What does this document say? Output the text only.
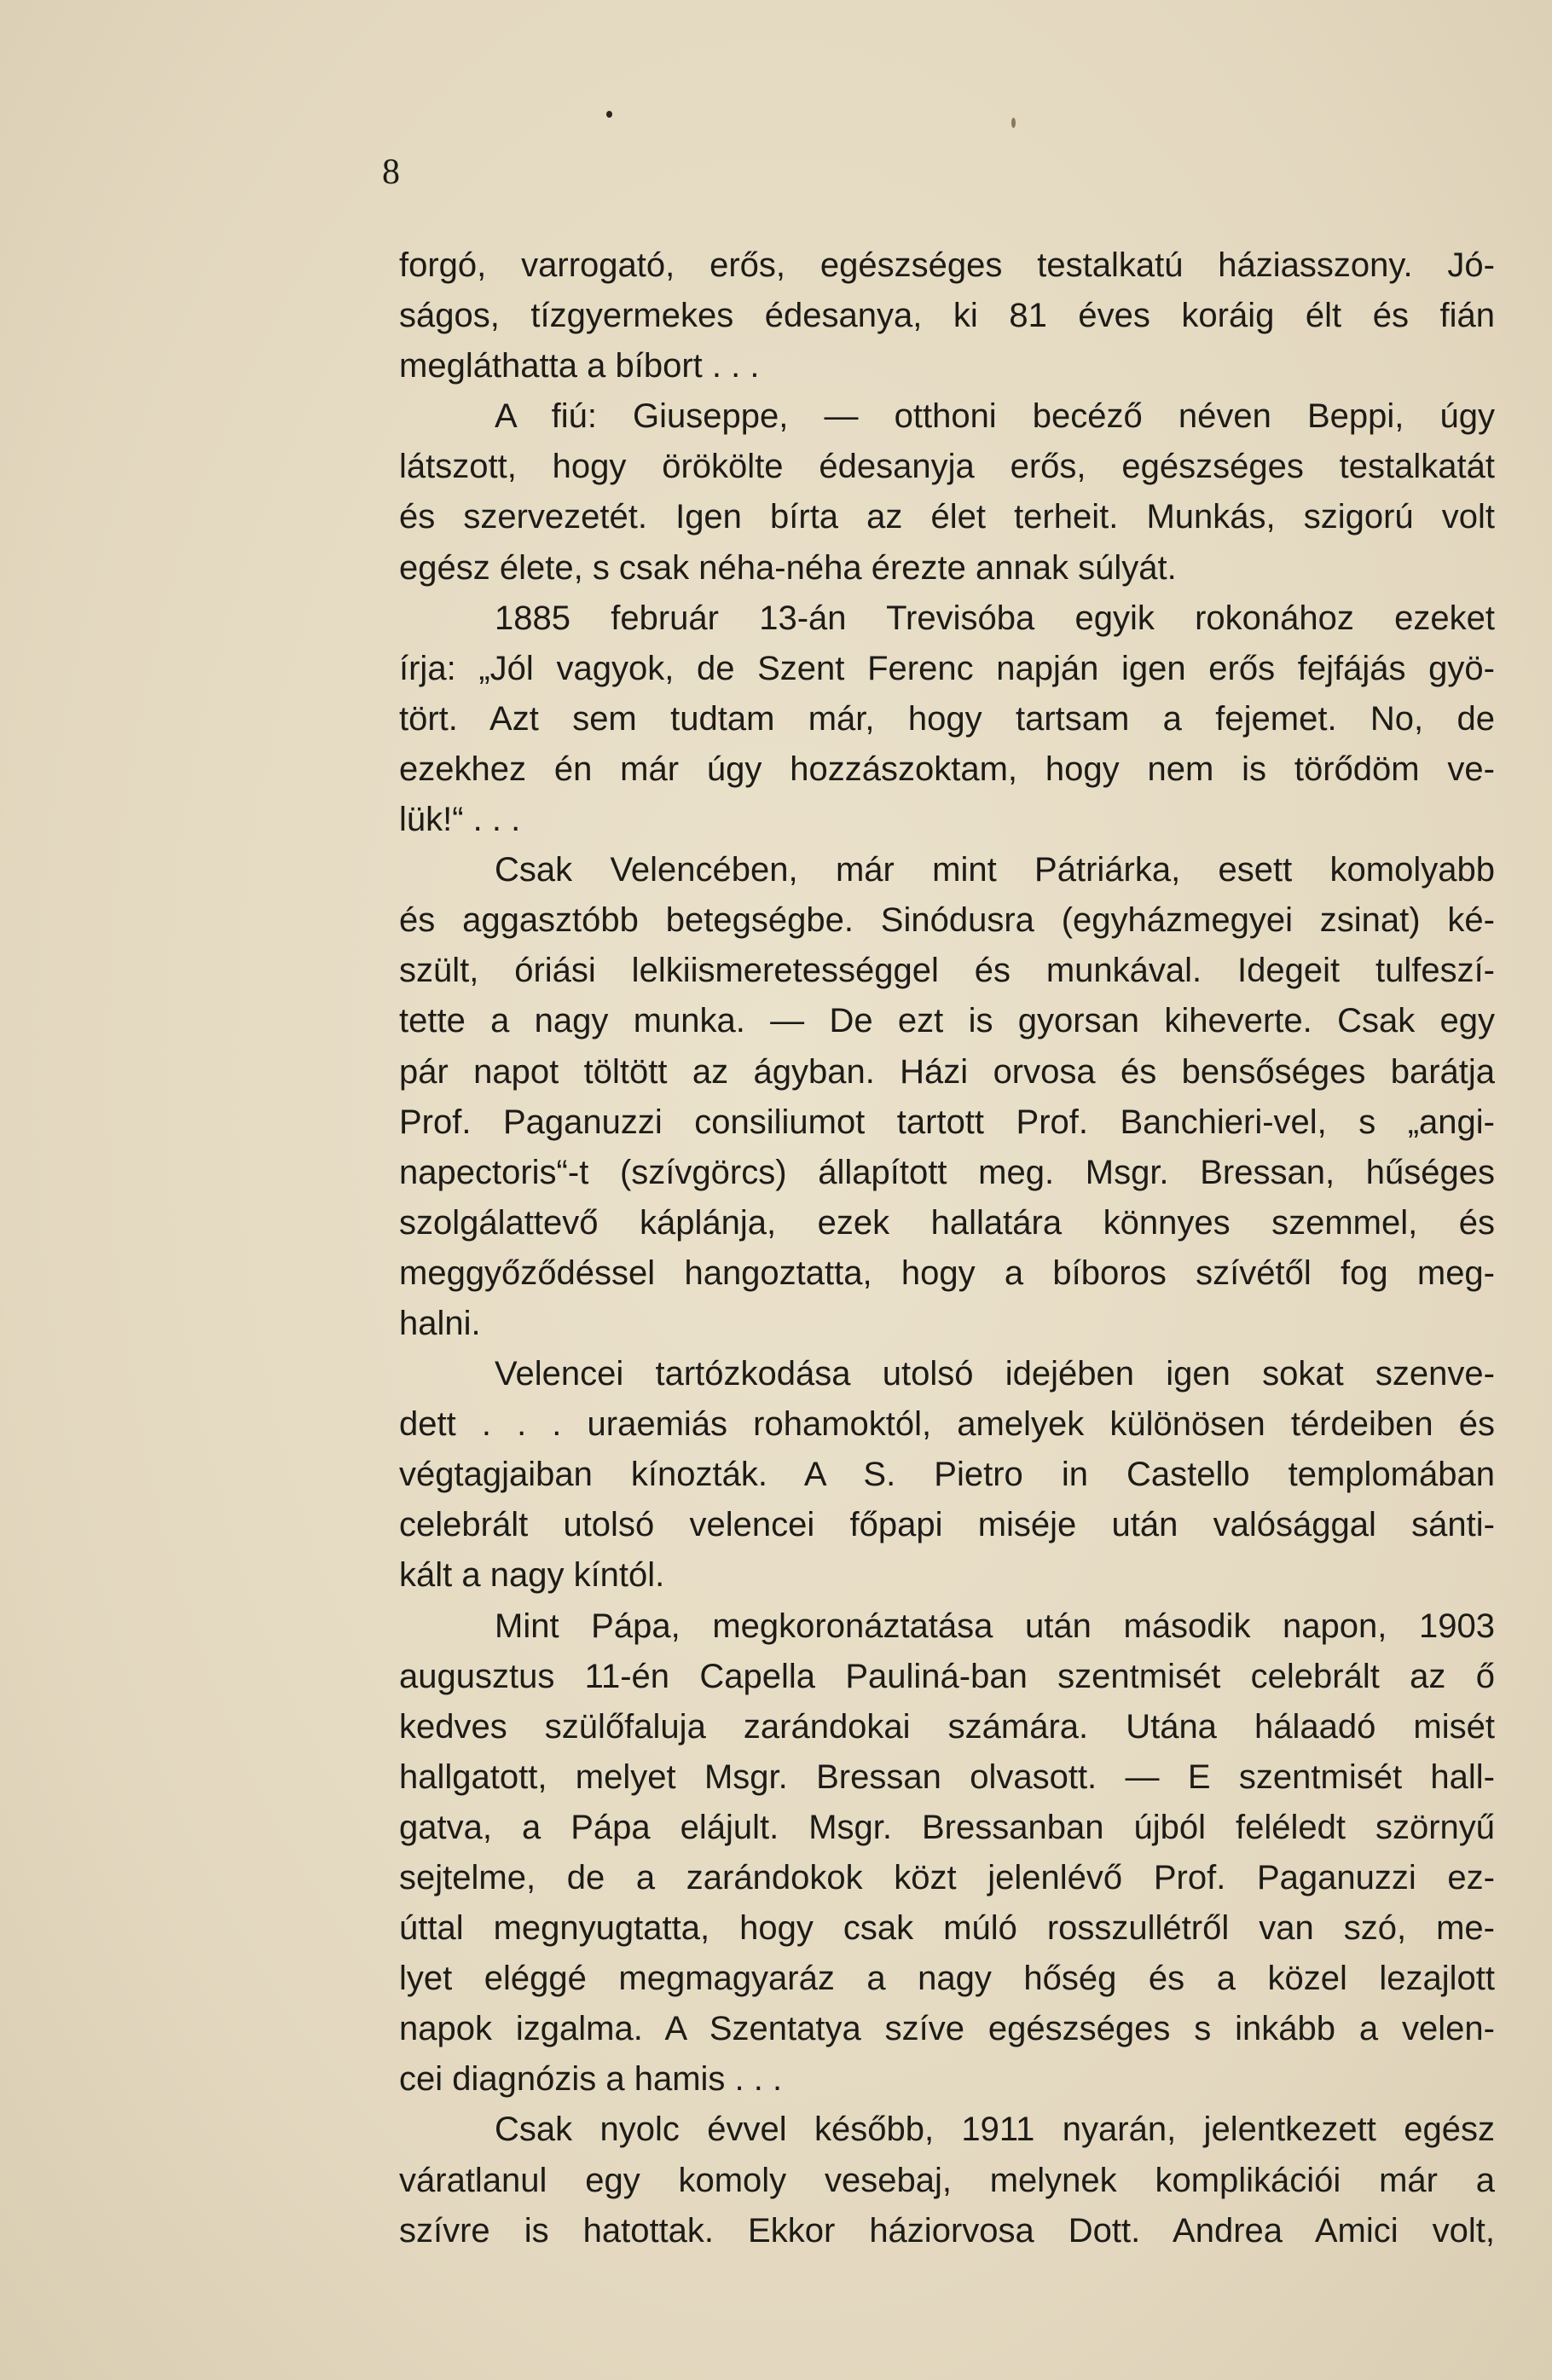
8

forgó, varrogató, erős, egészséges testalkatú háziasszony. Jó-
ságos, tízgyermekes édesanya, ki 81 éves koráig élt és fián
megláthatta a bíbort . . .
A fiú: Giuseppe, — otthoni becéző néven Beppi, úgy
látszott, hogy örökölte édesanyja erős, egészséges testalkatát
és szervezetét. Igen bírta az élet terheit. Munkás, szigorú volt
egész élete, s csak néha-néha érezte annak súlyát.
1885 február 13-án Trevisóba egyik rokonához ezeket
írja: „Jól vagyok, de Szent Ferenc napján igen erős fejfájás gyö-
tört. Azt sem tudtam már, hogy tartsam a fejemet. No, de
ezekhez én már úgy hozzászoktam, hogy nem is törődöm ve-
lük!“ . . .
Csak Velencében, már mint Pátriárka, esett komolyabb
és aggasztóbb betegségbe. Sinódusra (egyházmegyei zsinat) ké-
szült, óriási lelkiismeretességgel és munkával. Idegeit tulfeszí-
tette a nagy munka. — De ezt is gyorsan kiheverte. Csak egy
pár napot töltött az ágyban. Házi orvosa és bensőséges barátja
Prof. Paganuzzi consiliumot tartott Prof. Banchieri-vel, s „angi-
napectoris“-t (szívgörcs) állapított meg. Msgr. Bressan, hűséges
szolgálattevő káplánja, ezek hallatára könnyes szemmel, és
meggyőződéssel hangoztatta, hogy a bíboros szívétől fog meg-
halni.
Velencei tartózkodása utolsó idejében igen sokat szenve-
dett . . . uraemiás rohamoktól, amelyek különösen térdeiben és
végtagjaiban kínozták. A S. Pietro in Castello templomában
celebrált utolsó velencei főpapi miséje után valósággal sánti-
kált a nagy kíntól.
Mint Pápa, megkoronáztatása után második napon, 1903
augusztus 11-én Capella Pauliná-ban szentmisét celebrált az ő
kedves szülőfaluja zarándokai számára. Utána hálaadó misét
hallgatott, melyet Msgr. Bressan olvasott. — E szentmisét hall-
gatva, a Pápa elájult. Msgr. Bressanban újból feléledt szörnyű
sejtelme, de a zarándokok közt jelenlévő Prof. Paganuzzi ez-
úttal megnyugtatta, hogy csak múló rosszullétről van szó, me-
lyet eléggé megmagyaráz a nagy hőség és a közel lezajlott
napok izgalma. A Szentatya szíve egészséges s inkább a velen-
cei diagnózis a hamis . . .
Csak nyolc évvel később, 1911 nyarán, jelentkezett egész
váratlanul egy komoly vesebaj, melynek komplikációi már a
szívre is hatottak. Ekkor háziorvosa Dott. Andrea Amici volt,
